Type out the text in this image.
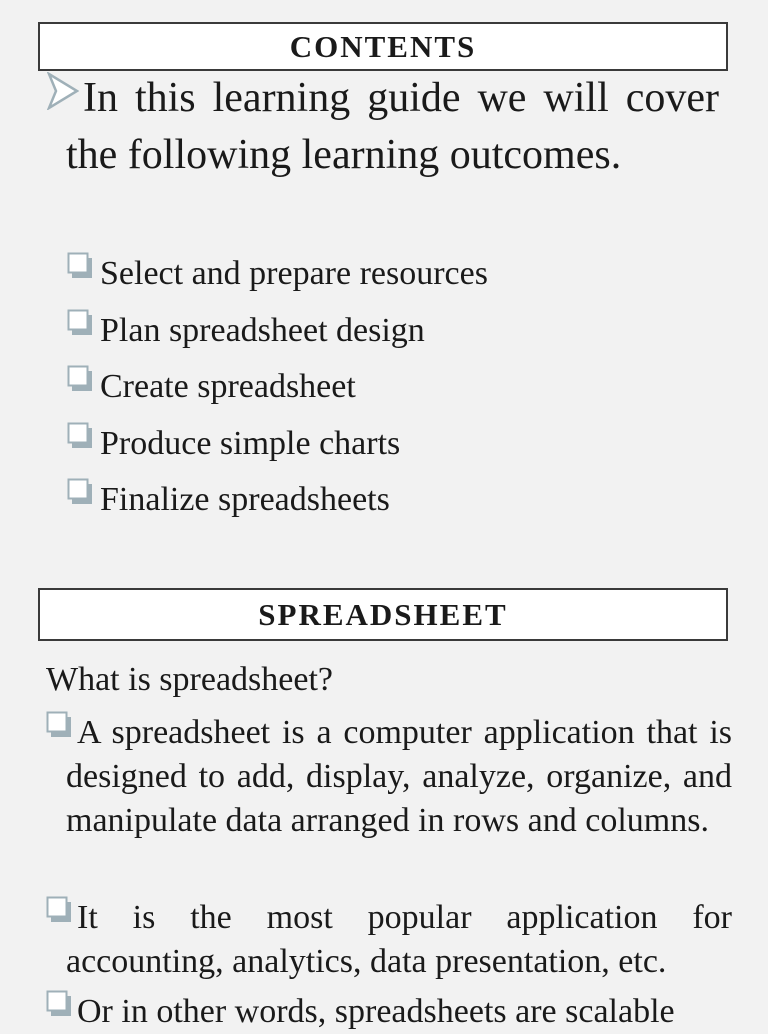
CONTENTS

In this learning guide we will cover the following learning outcomes.

Select and prepare resources
Plan spreadsheet design
Create spreadsheet
Produce simple charts
Finalize spreadsheets
SPREADSHEET

What is spreadsheet?

A spreadsheet is a computer application that is designed to add, display, analyze, organize, and manipulate data arranged in rows and columns.

It is the most popular application for accounting, analytics, data presentation, etc.

Or in other words, spreadsheets are scalable
